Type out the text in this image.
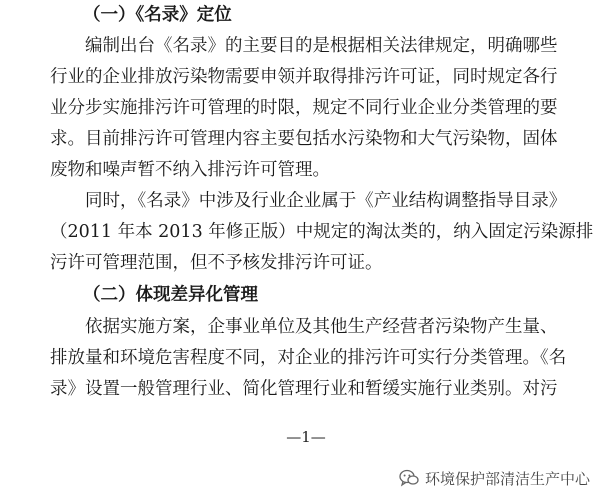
（一）《名录》定位
编制出台《名录》的主要目的是根据相关法律规定，明确哪些
行业的企业排放污染物需要申领并取得排污许可证，同时规定各行
业分步实施排污许可管理的时限，规定不同行业企业分类管理的要
求。目前排污许可管理内容主要包括水污染物和大气污染物，固体
废物和噪声暂不纳入排污许可管理。
同时，《名录》中涉及行业企业属于《产业结构调整指导目录》
（2011 年本 2013 年修正版）中规定的淘汰类的，纳入固定污染源排
污许可管理范围，但不予核发排污许可证。
（二）体现差异化管理
依据实施方案，企事业单位及其他生产经营者污染物产生量、
排放量和环境危害程度不同，对企业的排污许可实行分类管理。《名
录》设置一般管理行业、简化管理行业和暂缓实施行业类别。对污
—1—
环境保护部清洁生产中心
